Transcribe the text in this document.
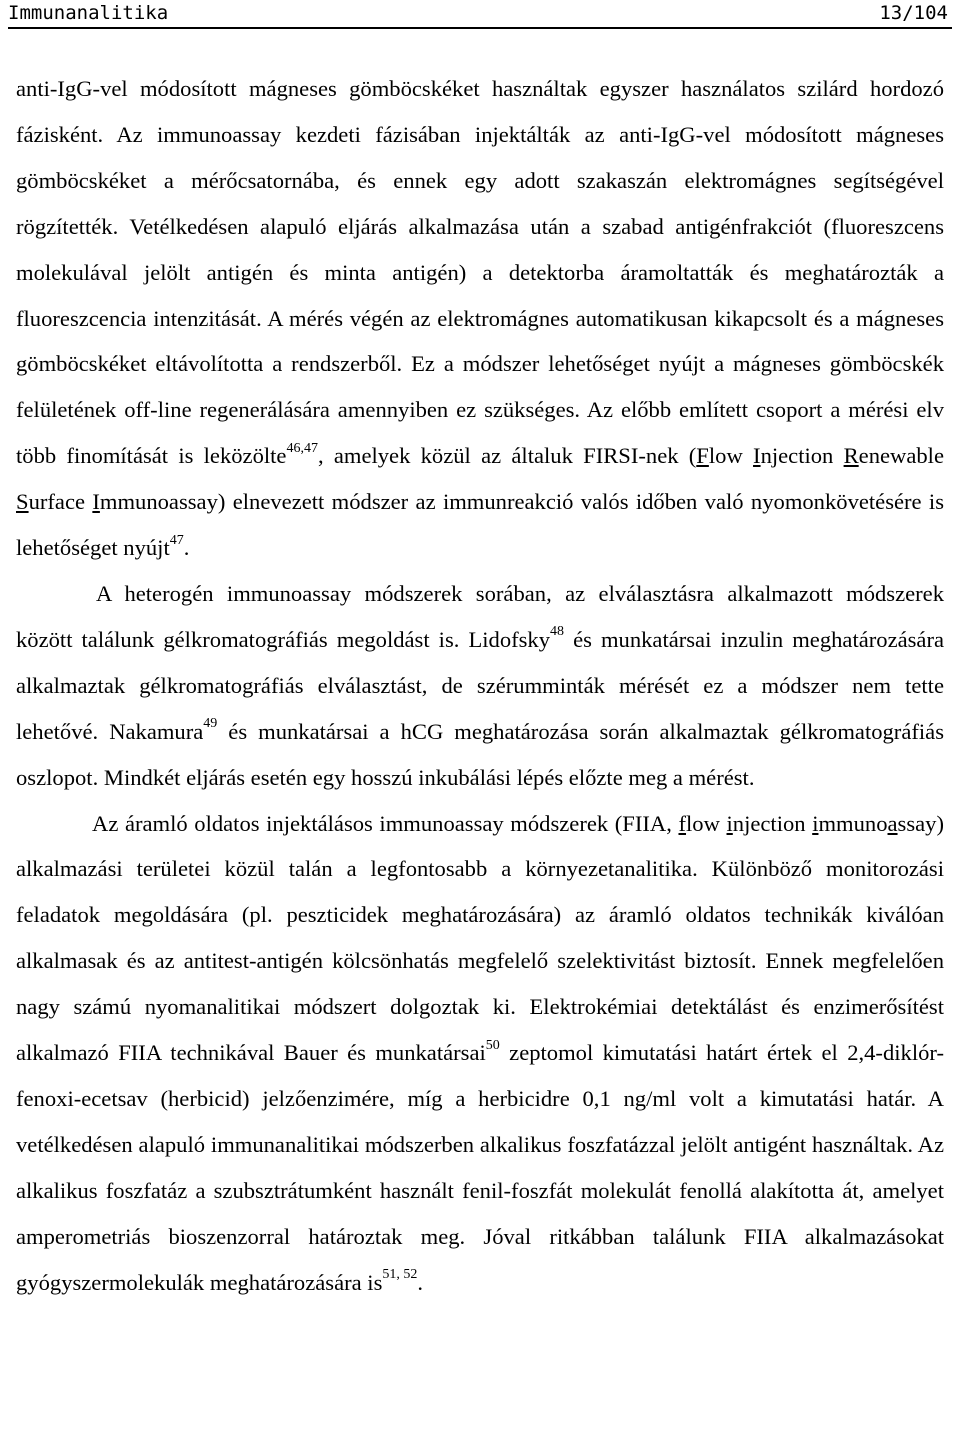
Immunanalitika	13/104

anti-IgG-vel módosított mágneses gömböcskéket használtak egyszer használatos szilárd hordozó fázisként. Az immunoassay kezdeti fázisában injektálták az anti-IgG-vel módosított mágneses gömböcskéket a mérőcsatornába, és ennek egy adott szakaszán elektromágnes segítségével rögzítették. Vetélkedésen alapuló eljárás alkalmazása után a szabad antigénfrakciót (fluoreszcens molekulával jelölt antigén és minta antigén) a detektorba áramoltatták és meghatározták a fluoreszcencia intenzitását. A mérés végén az elektromágnes automatikusan kikapcsolt és a mágneses gömböcskéket eltávolította a rendszerből. Ez a módszer lehetőséget nyújt a mágneses gömböcskék felületének off-line regenerálására amennyiben ez szükséges. Az előbb említett csoport a mérési elv több finomítását is leközölte$^{46,47}$, amelyek közül az általuk FIRSI-nek (Flow Injection Renewable Surface Immunoassay) elnevezett módszer az immunreakció valós időben való nyomonkövetésére is lehetőséget nyújt$^{47}$.

A heterogén immunoassay módszerek sorában, az elválasztásra alkalmazott módszerek között találunk gélkromatográfiás megoldást is. Lidofsky$^{48}$ és munkatársai inzulin meghatározására alkalmaztak gélkromatográfiás elválasztást, de szérumminták mérését ez a módszer nem tette lehetővé. Nakamura$^{49}$ és munkatársai a hCG meghatározása során alkalmaztak gélkromatográfiás oszlopot. Mindkét eljárás esetén egy hosszú inkubálási lépés előzte meg a mérést.

Az áramló oldatos injektálásos immunoassay módszerek (FIIA, flow injection immunoassay) alkalmazási területei közül talán a legfontosabb a környezetanalitika. Különböző monitorozási feladatok megoldására (pl. peszticidek meghatározására) az áramló oldatos technikák kiválóan alkalmasak és az antitest-antigén kölcsönhatás megfelelő szelektivitást biztosít. Ennek megfelelően nagy számú nyomanalitikai módszert dolgoztak ki. Elektrokémiai detektálást és enzimerősítést alkalmazó FIIA technikával Bauer és munkatársai$^{50}$ zeptomol kimutatási határt értek el 2,4-diklór-fenoxi-ecetsav (herbicid) jelzőenzimére, míg a herbicidre 0,1 ng/ml volt a kimutatási határ. A vetélkedésen alapuló immunanalitikai módszerben alkalikus foszfatázzal jelölt antigént használtak. Az alkalikus foszfatáz a szubsztrátumként használt fenil-foszfát molekulát fenollá alakította át, amelyet amperometriás bioszenzorral határoztak meg. Jóval ritkábban találunk FIIA alkalmazásokat gyógyszermolekulák meghatározására is$^{51, 52}$.
